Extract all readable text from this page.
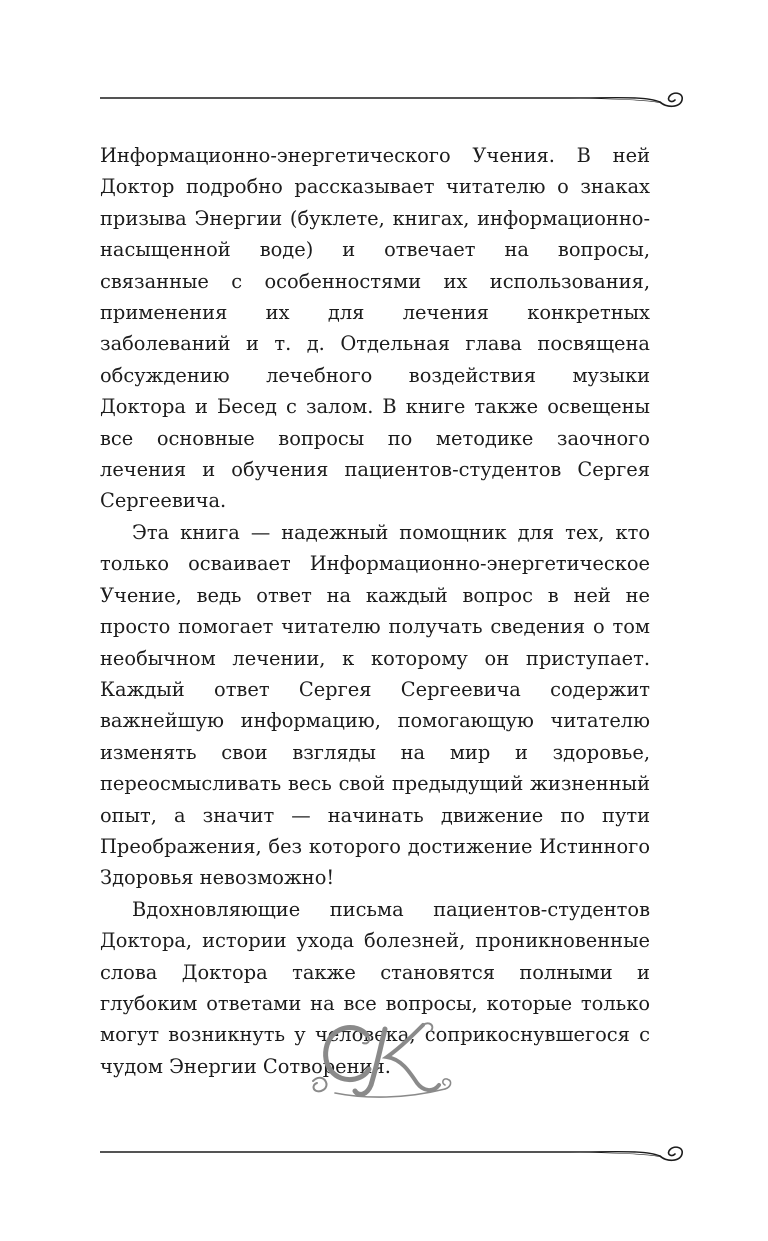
Информационно-энергетического Учения. В ней Доктор подробно рассказывает читателю о знаках призыва Энергии (буклете, книгах, информационно-насыщенной воде) и отвечает на вопросы, связанные с особенностями их использования, применения их для лечения конкретных заболеваний и т. д. Отдельная глава посвящена обсуждению лечебного воздействия музыки Доктора и Бесед с залом. В книге также освещены все основные вопросы по методике заочного лечения и обучения пациентов-студентов Сергея Сергеевича.

Эта книга — надежный помощник для тех, кто только осваивает Информационно-энергетическое Учение, ведь ответ на каждый вопрос в ней не просто помогает читателю получать сведения о том необычном лечении, к которому он приступает. Каждый ответ Сергея Сергеевича содержит важнейшую информацию, помогающую читателю изменять свои взгляды на мир и здоровье, переосмысливать весь свой предыдущий жизненный опыт, а значит — начинать движение по пути Преображения, без которого достижение Истинного Здоровья невозможно!

Вдохновляющие письма пациентов-студентов Доктора, истории ухода болезней, проникновенные слова Доктора также становятся полными и глубоким ответами на все вопросы, которые только могут возникнуть у человека, соприкоснувшегося с чудом Энергии Сотворения.
